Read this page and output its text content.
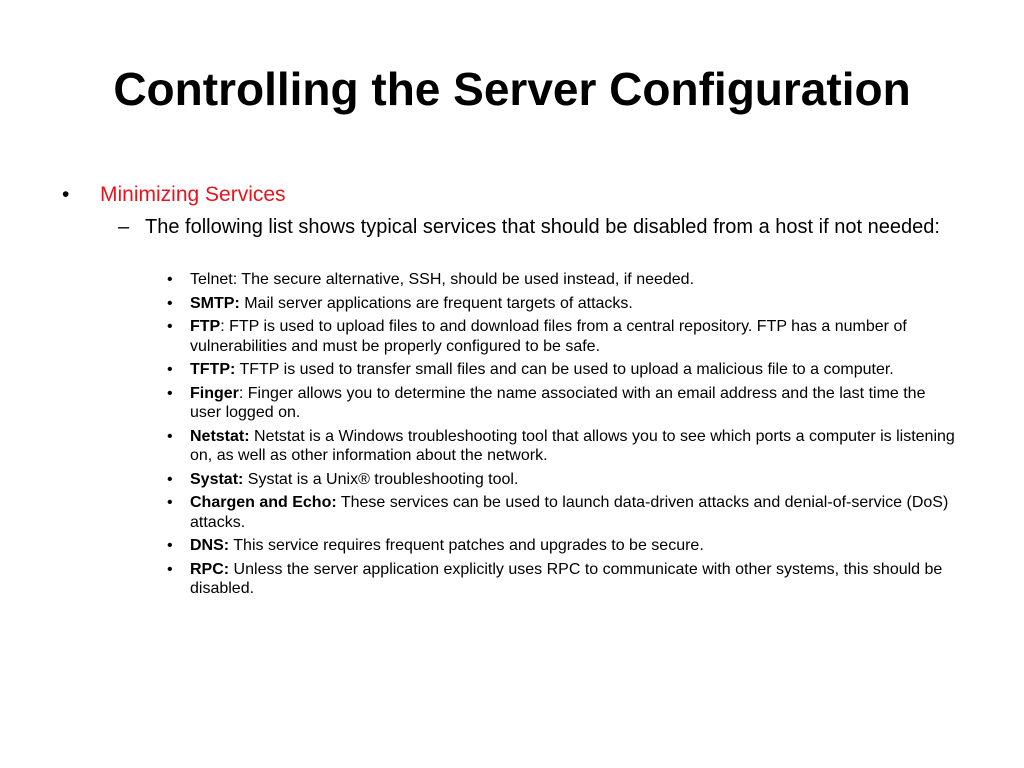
Controlling the Server Configuration
• Minimizing Services
– The following list shows typical services that should be disabled from a host if not needed:
• Telnet: The secure alternative, SSH, should be used instead, if needed.
• SMTP: Mail server applications are frequent targets of attacks.
• FTP: FTP is used to upload files to and download files from a central repository. FTP has a number of vulnerabilities and must be properly configured to be safe.
• TFTP: TFTP is used to transfer small files and can be used to upload a malicious file to a computer.
• Finger: Finger allows you to determine the name associated with an email address and the last time the user logged on.
• Netstat: Netstat is a Windows troubleshooting tool that allows you to see which ports a computer is listening on, as well as other information about the network.
• Systat: Systat is a Unix® troubleshooting tool.
• Chargen and Echo: These services can be used to launch data-driven attacks and denial-of-service (DoS) attacks.
• DNS: This service requires frequent patches and upgrades to be secure.
• RPC: Unless the server application explicitly uses RPC to communicate with other systems, this should be disabled.
